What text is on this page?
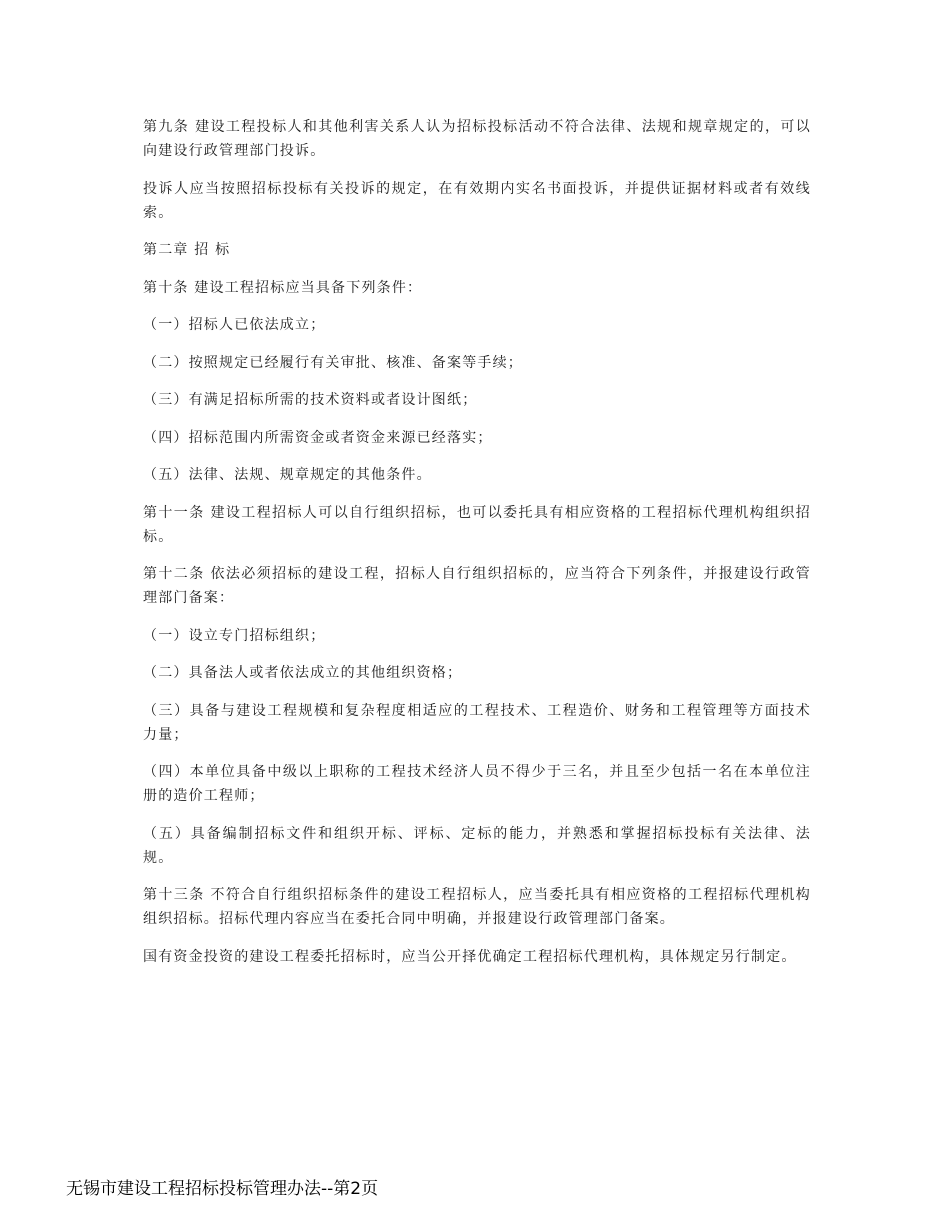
第九条 建设工程投标人和其他利害关系人认为招标投标活动不符合法律、法规和规章规定的，可以向建设行政管理部门投诉。

投诉人应当按照招标投标有关投诉的规定，在有效期内实名书面投诉，并提供证据材料或者有效线索。

第二章 招 标

第十条 建设工程招标应当具备下列条件：

（一）招标人已依法成立；

（二）按照规定已经履行有关审批、核准、备案等手续；

（三）有满足招标所需的技术资料或者设计图纸；

（四）招标范围内所需资金或者资金来源已经落实；

（五）法律、法规、规章规定的其他条件。

第十一条 建设工程招标人可以自行组织招标，也可以委托具有相应资格的工程招标代理机构组织招标。

第十二条 依法必须招标的建设工程，招标人自行组织招标的，应当符合下列条件，并报建设行政管理部门备案：

（一）设立专门招标组织；

（二）具备法人或者依法成立的其他组织资格；

（三）具备与建设工程规模和复杂程度相适应的工程技术、工程造价、财务和工程管理等方面技术力量；

（四）本单位具备中级以上职称的工程技术经济人员不得少于三名，并且至少包括一名在本单位注册的造价工程师；

（五）具备编制招标文件和组织开标、评标、定标的能力，并熟悉和掌握招标投标有关法律、法规。

第十三条 不符合自行组织招标条件的建设工程招标人，应当委托具有相应资格的工程招标代理机构组织招标。招标代理内容应当在委托合同中明确，并报建设行政管理部门备案。

国有资金投资的建设工程委托招标时，应当公开择优确定工程招标代理机构，具体规定另行制定。

无锡市建设工程招标投标管理办法--第2页
